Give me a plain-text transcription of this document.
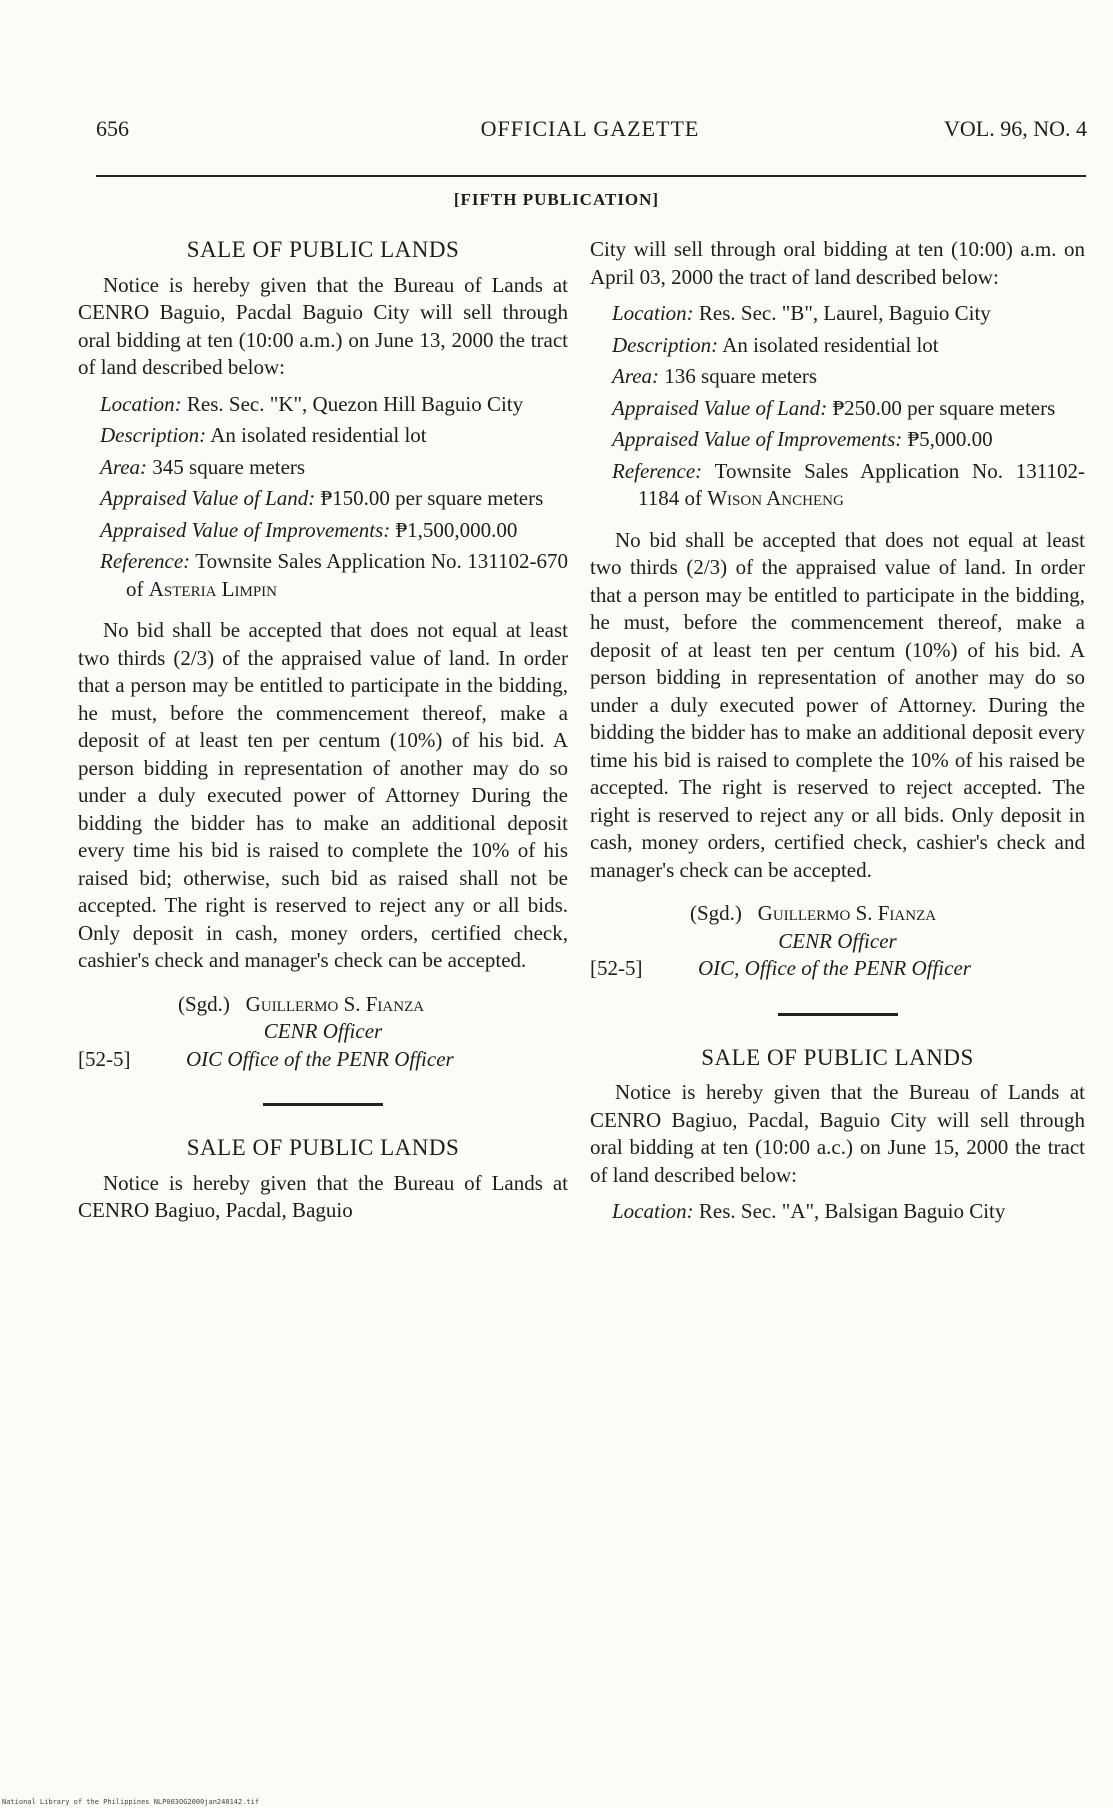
656	OFFICIAL GAZETTE	VOL. 96, NO. 4
[FIFTH PUBLICATION]
SALE OF PUBLIC LANDS

Notice is hereby given that the Bureau of Lands at CENRO Baguio, Pacdal Baguio City will sell through oral bidding at ten (10:00 a.m.) on June 13, 2000 the tract of land described below:

Location: Res. Sec. "K", Quezon Hill Baguio City
Description: An isolated residential lot
Area: 345 square meters
Appraised Value of Land: ₱150.00 per square meters
Appraised Value of Improvements: ₱1,500,000.00
Reference: Townsite Sales Application No. 131102-670 of Asteria Limpin

No bid shall be accepted that does not equal at least two thirds (2/3) of the appraised value of land. In order that a person may be entitled to participate in the bidding, he must, before the commencement thereof, make a deposit of at least ten per centum (10%) of his bid. A person bidding in representation of another may do so under a duly executed power of Attorney During the bidding the bidder has to make an additional deposit every time his bid is raised to complete the 10% of his raised bid; otherwise, such bid as raised shall not be accepted. The right is reserved to reject any or all bids. Only deposit in cash, money orders, certified check, cashier's check and manager's check can be accepted.

(Sgd.) Guillermo S. Fianza
CENR Officer
[52-5]	OIC Office of the PENR Officer
SALE OF PUBLIC LANDS

Notice is hereby given that the Bureau of Lands at CENRO Bagiuo, Pacdal, Baguio

City will sell through oral bidding at ten (10:00) a.m. on April 03, 2000 the tract of land described below:

Location: Res. Sec. "B", Laurel, Baguio City
Description: An isolated residential lot
Area: 136 square meters
Appraised Value of Land: ₱250.00 per square meters
Appraised Value of Improvements: ₱5,000.00
Reference: Townsite Sales Application No. 131102-1184 of Wison Ancheng

No bid shall be accepted that does not equal at least two thirds (2/3) of the appraised value of land. In order that a person may be entitled to participate in the bidding, he must, before the commencement thereof, make a deposit of at least ten per centum (10%) of his bid. A person bidding in representation of another may do so under a duly executed power of Attorney. During the bidding the bidder has to make an additional deposit every time his bid is raised to complete the 10% of his raised be accepted. The right is reserved to reject accepted. The right is reserved to reject any or all bids. Only deposit in cash, money orders, certified check, cashier's check and manager's check can be accepted.

(Sgd.) Guillermo S. Fianza
CENR Officer
[52-5]	OIC, Office of the PENR Officer
SALE OF PUBLIC LANDS

Notice is hereby given that the Bureau of Lands at CENRO Bagiuo, Pacdal, Baguio City will sell through oral bidding at ten (10:00 a.c.) on June 15, 2000 the tract of land described below:

Location: Res. Sec. "A", Balsigan Baguio City
National Library of the Philippines NLP003OG2000jan240142.tif
